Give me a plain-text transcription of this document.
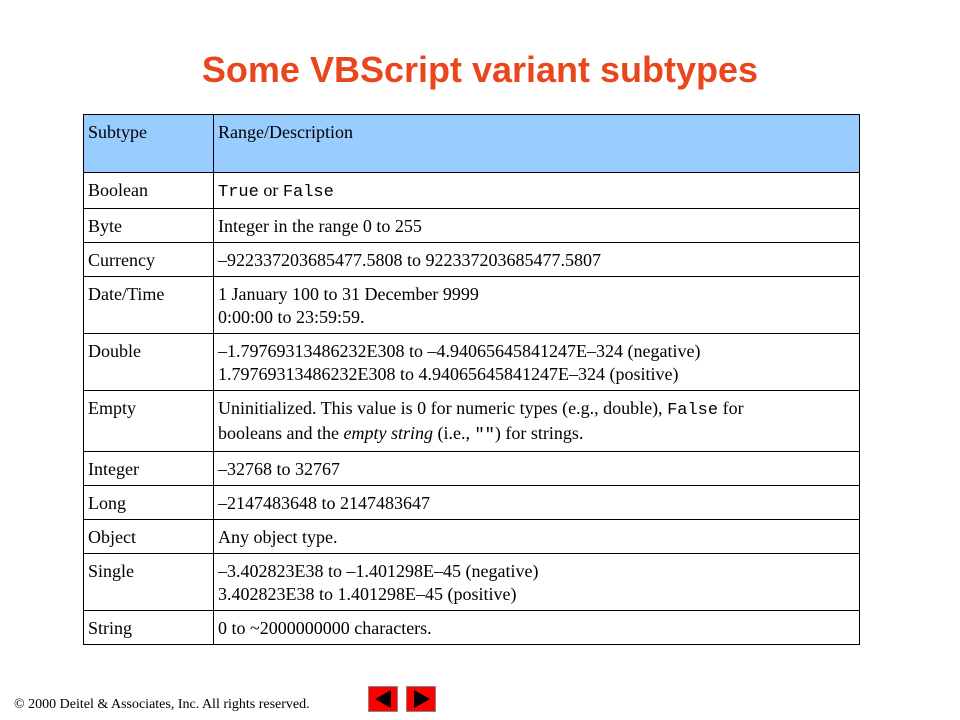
Some VBScript variant subtypes
Subtype	Range/Description
Boolean	True or False
Byte	Integer in the range 0 to 255
Currency	–922337203685477.5808 to 922337203685477.5807
Date/Time	1 January 100 to 31 December 9999
0:00:00 to 23:59:59.

Double	–1.79769313486232E308 to –4.94065645841247E–324 (negative)
1.79769313486232E308 to 4.94065645841247E–324 (positive)

Empty	Uninitialized. This value is 0 for numeric types (e.g., double), False for
booleans and the empty string (i.e., "") for strings.

Integer	–32768 to 32767
Long	–2147483648 to 2147483647
Object	Any object type.
Single	–3.402823E38 to –1.401298E–45 (negative)
3.402823E38 to 1.401298E–45 (positive)

String	0 to ~2000000000 characters.
© 2000 Deitel & Associates, Inc. All rights reserved.
